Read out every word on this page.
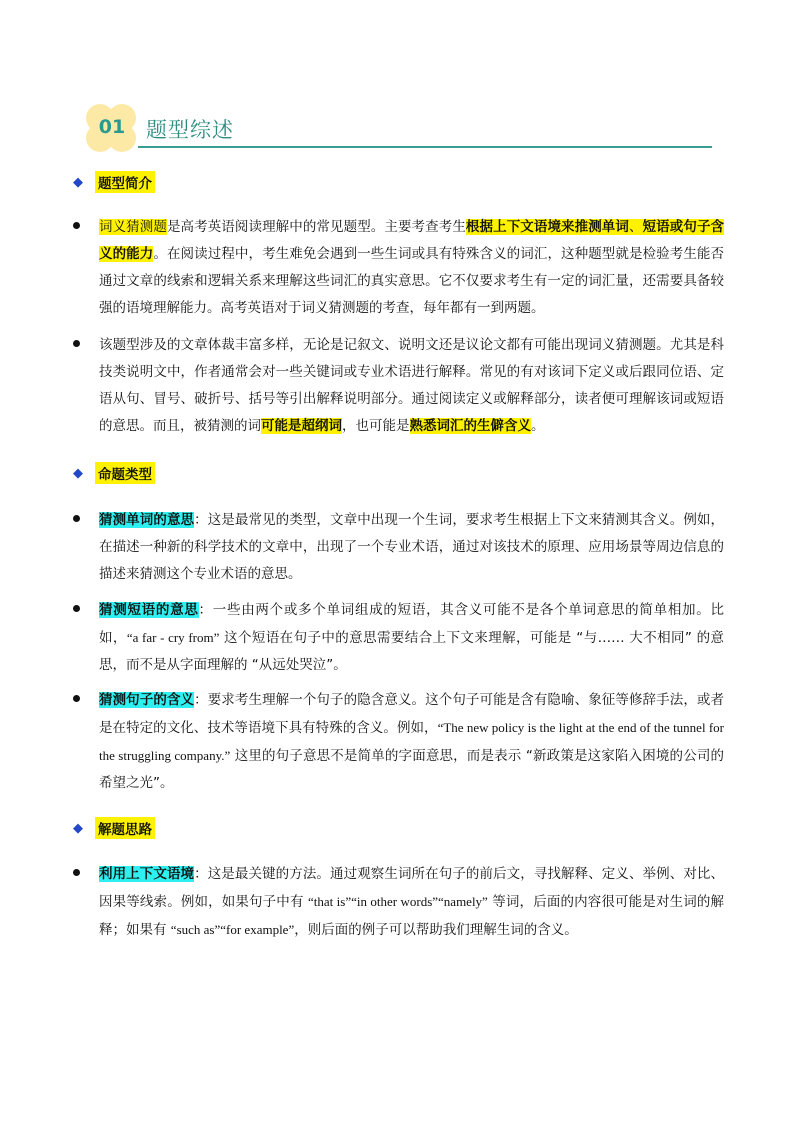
01 题型综述
◆	题型简介
词义猜测题是高考英语阅读理解中的常见题型。主要考查考生根据上下文语境来推测单词、短语或句子含义的能力。在阅读过程中，考生难免会遇到一些生词或具有特殊含义的词汇，这种题型就是检验考生能否通过文章的线索和逻辑关系来理解这些词汇的真实意思。它不仅要求考生有一定的词汇量，还需要具备较强的语境理解能力。高考英语对于词义猜测题的考查，每年都有一到两题。
该题型涉及的文章体裁丰富多样，无论是记叙文、说明文还是议论文都有可能出现词义猜测题。尤其是科技类说明文中，作者通常会对一些关键词或专业术语进行解释。常见的有对该词下定义或后跟同位语、定语从句、冒号、破折号、括号等引出解释说明部分。通过阅读定义或解释部分，读者便可理解该词或短语的意思。而且，被猜测的词可能是超纲词，也可能是熟悉词汇的生僻含义。
◆	命题类型
猜测单词的意思：这是最常见的类型，文章中出现一个生词，要求考生根据上下文来猜测其含义。例如，在描述一种新的科学技术的文章中，出现了一个专业术语，通过对该技术的原理、应用场景等周边信息的描述来猜测这个专业术语的意思。
猜测短语的意思：一些由两个或多个单词组成的短语，其含义可能不是各个单词意思的简单相加。比如，“a far - cry from” 这个短语在句子中的意思需要结合上下文来理解，可能是 “与…… 大不相同” 的意思，而不是从字面理解的 “从远处哭泣”。
猜测句子的含义：要求考生理解一个句子的隐含意义。这个句子可能是含有隐喻、象征等修辞手法，或者是在特定的文化、技术等语境下具有特殊的含义。例如，“The new policy is the light at the end of the tunnel for the struggling company.” 这里的句子意思不是简单的字面意思，而是表示 “新政策是这家陷入困境的公司的希望之光”。
◆	解题思路
利用上下文语境：这是最关键的方法。通过观察生词所在句子的前后文，寻找解释、定义、举例、对比、因果等线索。例如，如果句子中有 “that is”“in other words”“namely” 等词，后面的内容很可能是对生词的解释；如果有 “such as”“for example”，则后面的例子可以帮助我们理解生词的含义。
